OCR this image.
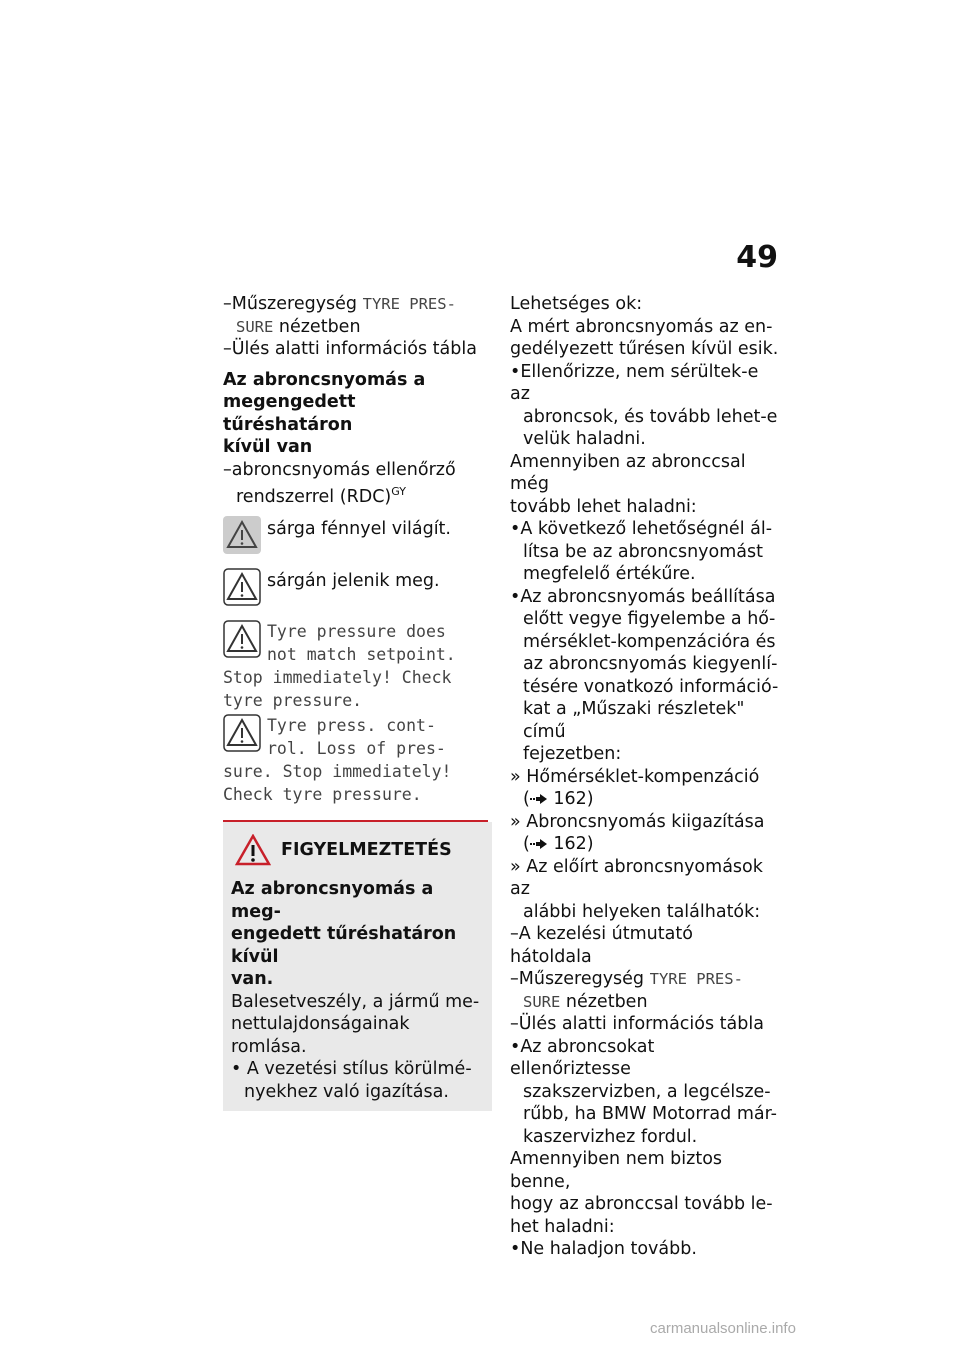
49
–Műszeregység TYRE PRES-
SURE nézetben
–Ülés alatti információs tábla
Az abroncsnyomás a
megengedett tűréshatáron
kívül van
–abroncsnyomás ellenőrző
rendszerrel (RDC)$^{GY}$
sárga fénnyel világít.
sárgán jelenik meg.
Tyre pressure does
not match setpoint.
Stop immediately! Check
tyre pressure.
Tyre press. cont-
rol. Loss of pres-
sure. Stop immediately!
Check tyre pressure.
FIGYELMEZTETÉS
Az abroncsnyomás a meg-
engedett tűréshatáron kívül
van.
Balesetveszély, a jármű me-
nettulajdonságainak romlása.
• A vezetési stílus körülmé-
nyekhez való igazítása.
Lehetséges ok:
A mért abroncsnyomás az en-
gedélyezett tűrésen kívül esik.
•Ellenőrizze, nem sérültek-e az
abroncsok, és tovább lehet-e
velük haladni.
Amennyiben az abronccsal még
tovább lehet haladni:
•A következő lehetőségnél ál-
lítsa be az abroncsnyomást
megfelelő értékűre.
•Az abroncsnyomás beállítása
előtt vegye figyelembe a hő-
mérséklet-kompenzációra és
az abroncsnyomás kiegyenlí-
tésére vonatkozó információ-
kat a „Műszaki részletek" című
fejezetben:
» Hőmérséklet-kompenzáció
( 162)
» Abroncsnyomás kiigazítása
( 162)
» Az előírt abroncsnyomások az
alábbi helyeken találhatók:
–A kezelési útmutató hátoldala
–Műszeregység TYRE PRES-
SURE nézetben
–Ülés alatti információs tábla
•Az abroncsokat ellenőriztesse
szakszervizben, a legcélsze-
rűbb, ha BMW Motorrad már-
kaszervizhez fordul.
Amennyiben nem biztos benne,
hogy az abronccsal tovább le-
het haladni:
•Ne haladjon tovább.
carmanualsonline.info
